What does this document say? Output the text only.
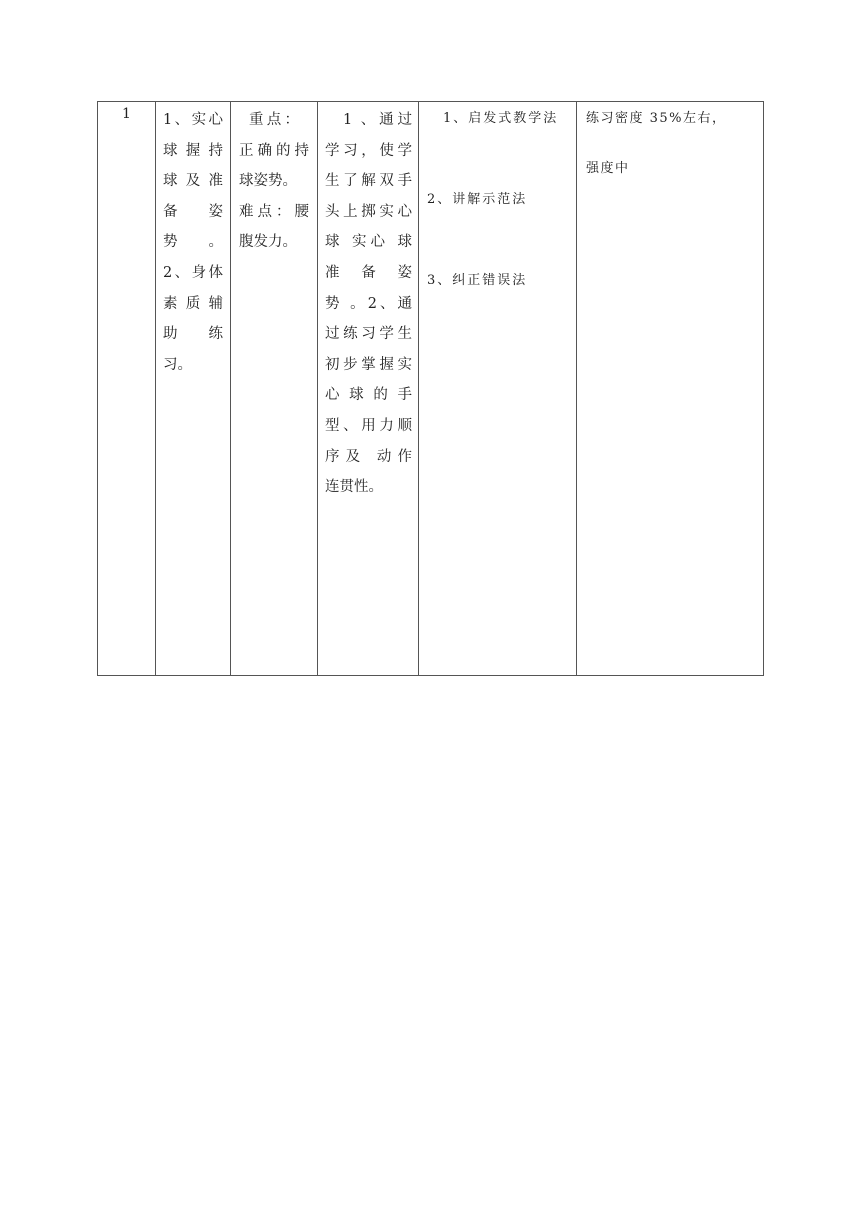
1	1、实心
球握持
球及准
备 姿
势 。
2、身体
素质辅
助 练
习。

重点：
正确的持
球姿势。
难点：腰
腹发力。

1 、通过
学习，使学
生了解双手
头上掷实心
球 实心 球
准 备 姿
势 。2、通
过练习学生
初步掌握实
心 球 的 手
型、用力顺
序及 动作
连贯性。

1、启发式教学法
2、讲解示范法
3、纠正错误法

练习密度 35%左右，
强度中
